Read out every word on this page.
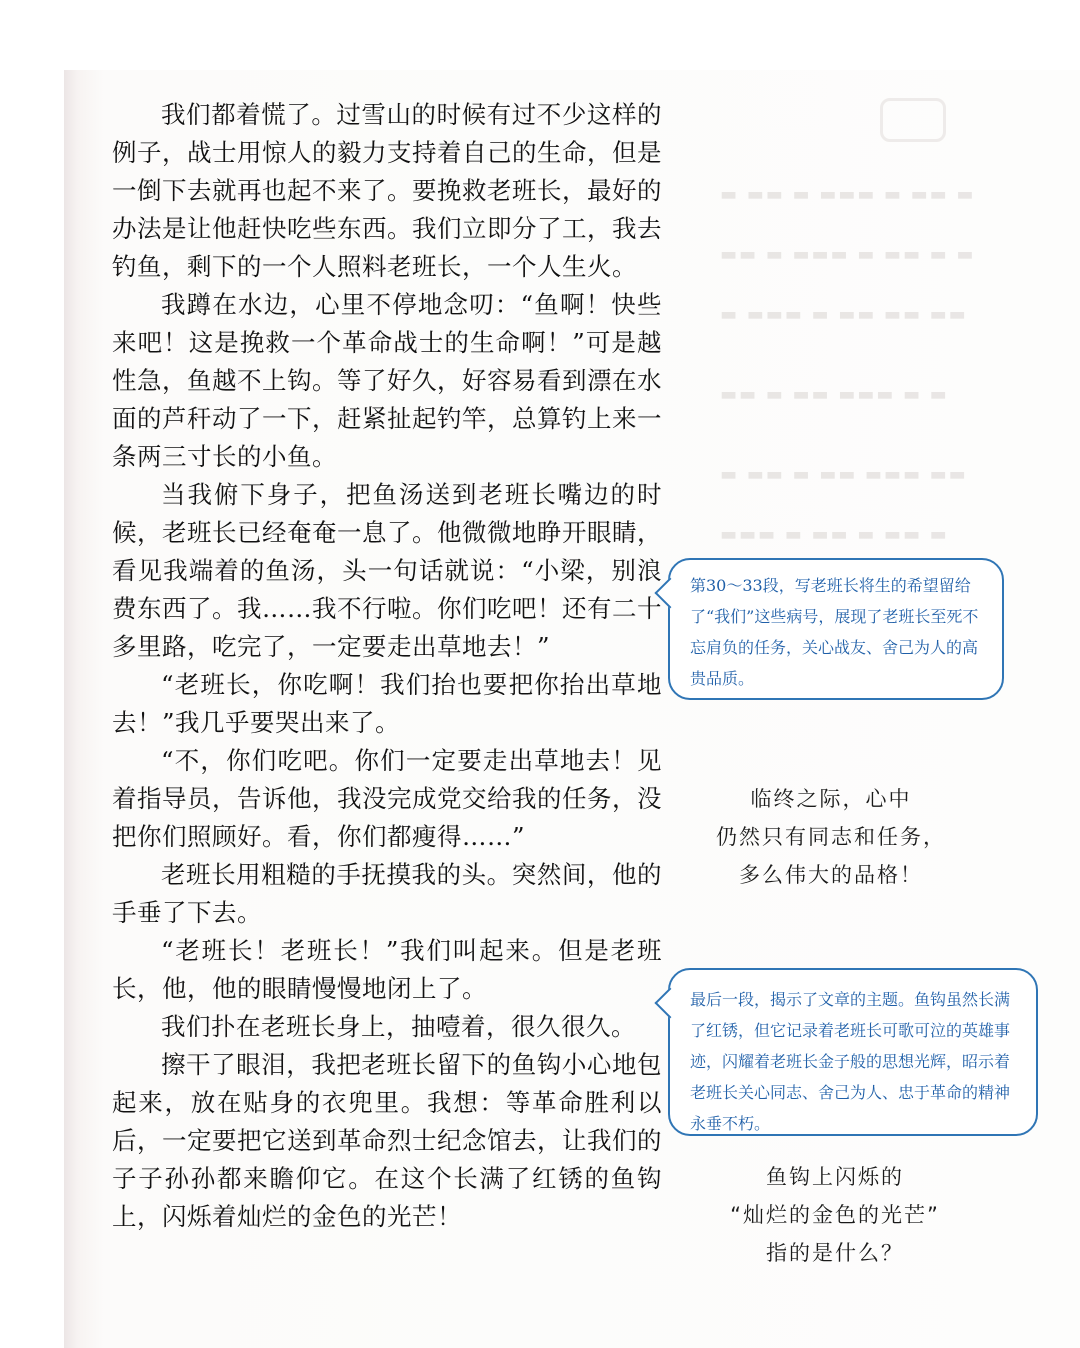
▬ ▬▬ ▬ ▬▬▬ ▬ ▬▬ ▬
▬▬ ▬ ▬▬▬ ▬ ▬▬ ▬ ▬
▬ ▬▬▬ ▬ ▬▬ ▬▬ ▬▬
▬▬ ▬ ▬▬ ▬▬▬ ▬ ▬
▬ ▬▬ ▬ ▬▬ ▬▬▬ ▬▬
▬▬▬ ▬ ▬▬ ▬ ▬▬ ▬

我们都着慌了。过雪山的时候有过不少这样的例子，战士用惊人的毅力支持着自己的生命，但是一倒下去就再也起不来了。要挽救老班长，最好的办法是让他赶快吃些东西。我们立即分了工，我去钓鱼，剩下的一个人照料老班长，一个人生火。

我蹲在水边，心里不停地念叨：“鱼啊！快些来吧！这是挽救一个革命战士的生命啊！”可是越性急，鱼越不上钩。等了好久，好容易看到漂在水面的芦秆动了一下，赶紧扯起钓竿，总算钓上来一条两三寸长的小鱼。

当我俯下身子，把鱼汤送到老班长嘴边的时候，老班长已经奄奄一息了。他微微地睁开眼睛，看见我端着的鱼汤，头一句话就说：“小梁，别浪费东西了。我……我不行啦。你们吃吧！还有二十多里路，吃完了，一定要走出草地去！”

“老班长，你吃啊！我们抬也要把你抬出草地去！”我几乎要哭出来了。

“不，你们吃吧。你们一定要走出草地去！见着指导员，告诉他，我没完成党交给我的任务，没把你们照顾好。看，你们都瘦得……”

老班长用粗糙的手抚摸我的头。突然间，他的手垂了下去。

“老班长！老班长！”我们叫起来。但是老班长，他，他的眼睛慢慢地闭上了。

我们扑在老班长身上，抽噎着，很久很久。

擦干了眼泪，我把老班长留下的鱼钩小心地包起来，放在贴身的衣兜里。我想：等革命胜利以后，一定要把它送到革命烈士纪念馆去，让我们的子子孙孙都来瞻仰它。在这个长满了红锈的鱼钩上，闪烁着灿烂的金色的光芒！

第30～33段，写老班长将生的希望留给了“我们”这些病号，展现了老班长至死不忘肩负的任务，关心战友、舍己为人的高贵品质。
临终之际，心中
仍然只有同志和任务，
多么伟大的品格！
最后一段，揭示了文章的主题。鱼钩虽然长满了红锈，但它记录着老班长可歌可泣的英雄事迹，闪耀着老班长金子般的思想光辉，昭示着老班长关心同志、舍己为人、忠于革命的精神永垂不朽。
鱼钩上闪烁的
“灿烂的金色的光芒”
指的是什么？
